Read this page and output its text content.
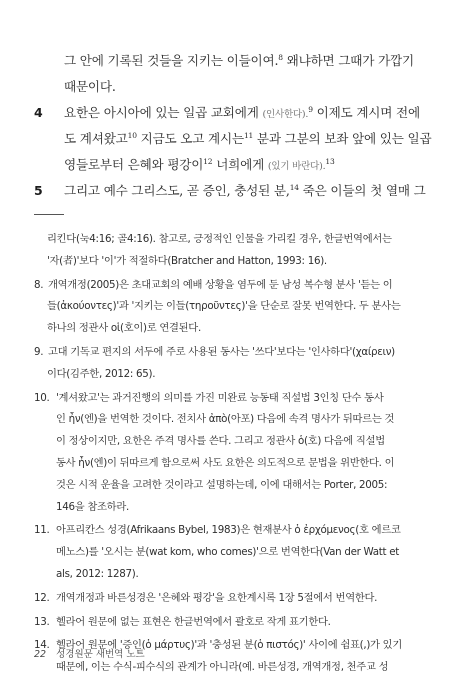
그 안에 기록된 것들을 지키는 이들이여.$^8$ 왜냐하면 그때가 가깝기
때문이다.
4 요한은 아시아에 있는 일곱 교회에게 (인사한다).$^9$ 이제도 계시며 전에
도 계셔왔고$^{10}$ 지금도 오고 계시는$^{11}$ 분과 그분의 보좌 앞에 있는 일곱
영들로부터 은혜와 평강이$^{12}$ 너희에게 (있기 바란다).$^{13}$
5 그리고 예수 그리스도, 곧 증인, 충성된 분,$^{14}$ 죽은 이들의 첫 열매 그
리킨다(눅4:16; 골4:16). 참고로, 긍정적인 인물을 가리킬 경우, 한글번역에서는
'자(者)'보다 '이'가 적절하다(Bratcher and Hatton, 1993: 16).
8. 개역개정(2005)은 초대교회의 예배 상황을 염두에 둔 남성 복수형 분사 '듣는 이
들(ἀκούοντες)'과 '지키는 이들(τηροῦντες)'을 단순로 잘못 번역한다. 두 분사는
하나의 정관사 οἱ(호이)로 연결된다.
9. 고대 기독교 편지의 서두에 주로 사용된 동사는 '쓰다'보다는 '인사하다'(χαίρειν)
이다(김주한, 2012: 65).
10. '계셔왔고'는 과거진행의 의미를 가진 미완료 능동태 직설법 3인칭 단수 동사
인 ἦν(엔)을 번역한 것이다. 전치사 ἀπὸ(아포) 다음에 속격 명사가 뒤따르는 것
이 정상이지만, 요한은 주격 명사를 쓴다. 그리고 정관사 ὁ(호) 다음에 직설법
동사 ἦν(엔)이 뒤따르게 함으로써 사도 요한은 의도적으로 문법을 위반한다. 이
것은 시적 운율을 고려한 것이라고 설명하는데, 이에 대해서는 Porter, 2005:
146을 참조하라.
11. 아프리칸스 성경(Afrikaans Bybel, 1983)은 현재분사 ὁ ἐρχόμενος(호 에르코
메노스)를 '오시는 분(wat kom, who comes)'으로 번역한다(Van der Watt et
als, 2012: 1287).
12. 개역개정과 바른성경은 '은혜와 평강'을 요한계시록 1장 5절에서 번역한다.
13. 헬라어 원문에 없는 표현은 한글번역에서 괄호로 작게 표기한다.
14. 헬라어 원문에 '증인(ὁ μάρτυς)'과 '충성된 분(ὁ πιστός)' 사이에 쉼표(,)가 있기
때문에, 이는 수식-피수식의 관계가 아니라(예. 바른성경, 개역개정, 천주교 성
22 성경원문 새번역 노트
